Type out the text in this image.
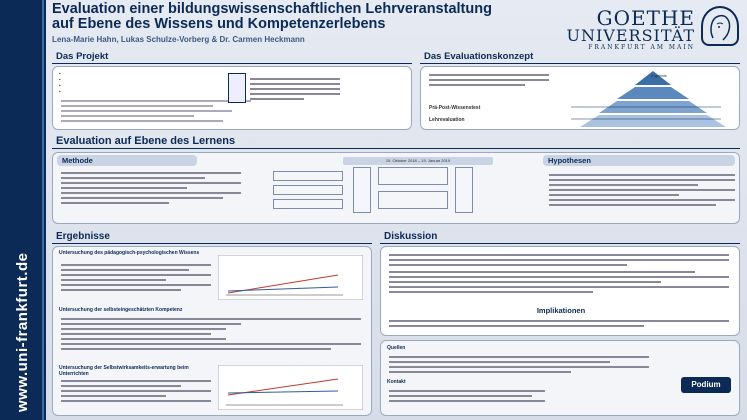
www.uni-frankfurt.de
Evaluation einer bildungswissenschaftlichen Lehrveranstaltung
auf Ebene des Wissens und Kompetenzerlebens
Lena-Marie Hahn, Lukas Schulze-Vorberg & Dr. Carmen Heckmann
GOETHE
UNIVERSITÄT
FRANKFURT AM MAIN
Das Projekt
•
•
•
•	Das Evaluationskonzept
Prä-Post-Wissenstest
Lehrevaluation
Ergebnis
Evaluation auf Ebene des Lernens
Methode	Hypothesen
15. Oktober 2018 – 19. Januar 2019
Ergebnisse
Untersuchung des pädagogisch-psychologischen Wissens
Untersuchung der selbsteingeschätzten Kompetenz
Untersuchung der Selbstwirksamkeits-erwartung beim Unterrichten
Diskussion
Implikationen
Quellen
Kontakt	Podium
